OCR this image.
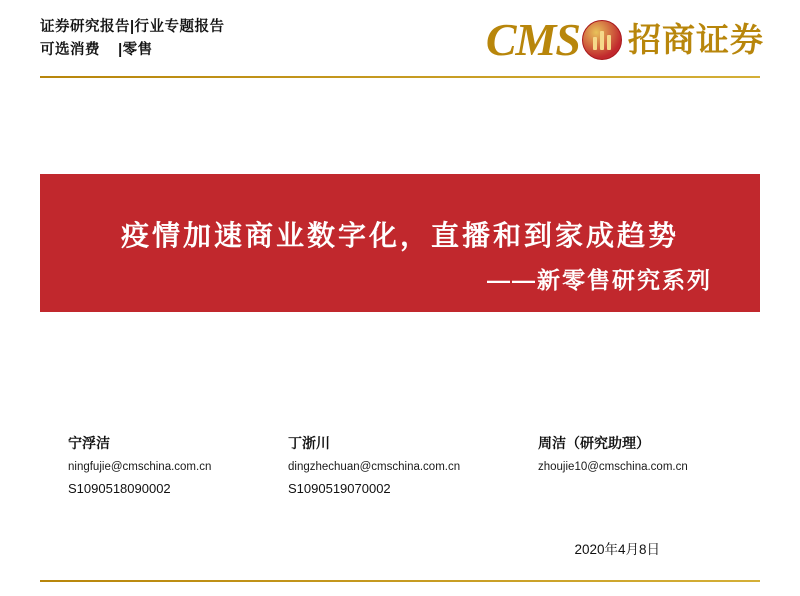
证券研究报告|行业专题报告
可选消费    |零售	CMS 招商证券
疫情加速商业数字化，直播和到家成趋势
——新零售研究系列
宁浮洁
ningfujie@cmschina.com.cn
S1090518090002
丁浙川
dingzhechuan@cmschina.com.cn
S1090519070002
周洁（研究助理）
zhoujie10@cmschina.com.cn
2020年4月8日
